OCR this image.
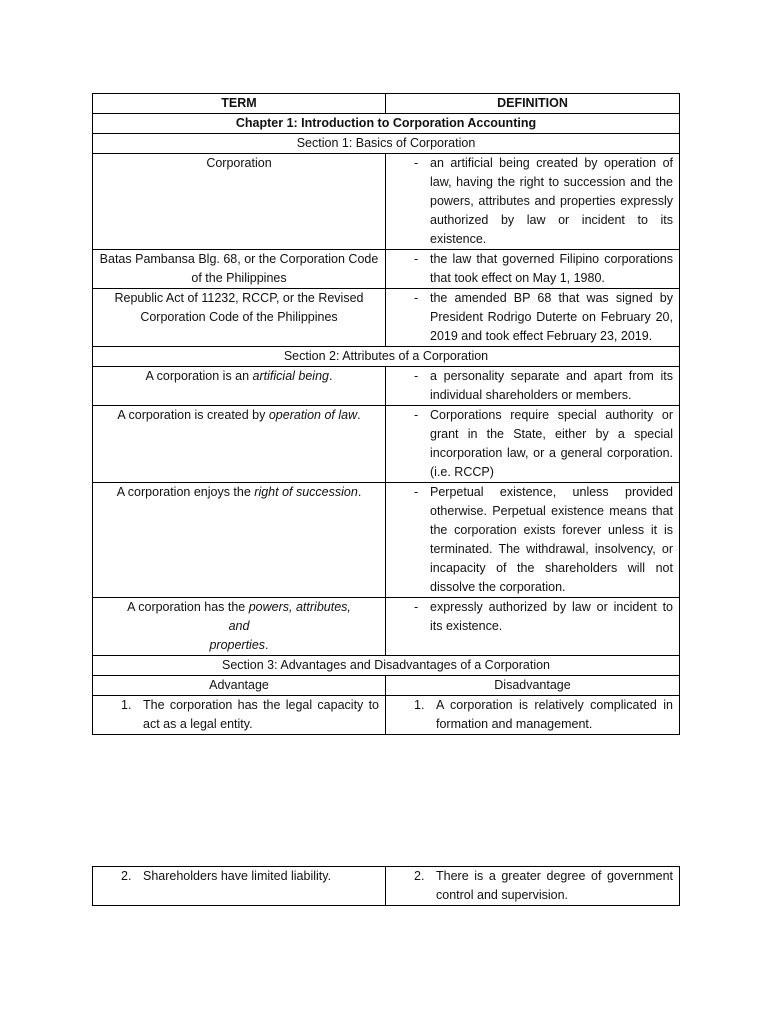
TERM	DEFINITION
Chapter 1: Introduction to Corporation Accounting	
Section 1: Basics of Corporation	
Corporation	- an artificial being created by operation of law, having the right to succession and the powers, attributes and properties expressly authorized by law or incident to its existence.

Batas Pambansa Blg. 68, or the Corporation Code of the Philippines	- the law that governed Filipino corporations that took effect on May 1, 1980.

Republic Act of 11232, RCCP, or the Revised Corporation Code of the Philippines	- the amended BP 68 that was signed by President Rodrigo Duterte on February 20, 2019 and took effect February 23, 2019.

Section 2: Attributes of a Corporation	
A corporation is an artificial being.	- a personality separate and apart from its individual shareholders or members.

A corporation is created by operation of law.	- Corporations require special authority or grant in the State, either by a special incorporation law, or a general corporation. (i.e. RCCP)

A corporation enjoys the right of succession.	- Perpetual existence, unless provided otherwise. Perpetual existence means that the corporation exists forever unless it is terminated. The withdrawal, insolvency, or incapacity of the shareholders will not dissolve the corporation.

A corporation has the powers, attributes,
and
properties.	- expressly authorized by law or incident to its existence.

Section 3: Advantages and Disadvantages of a Corporation	
Advantage	Disadvantage

1. The corporation has the legal capacity to act as a legal entity.	1. A corporation is relatively complicated in formation and management.
2. Shareholders have limited liability.	2. There is a greater degree of government control and supervision.
